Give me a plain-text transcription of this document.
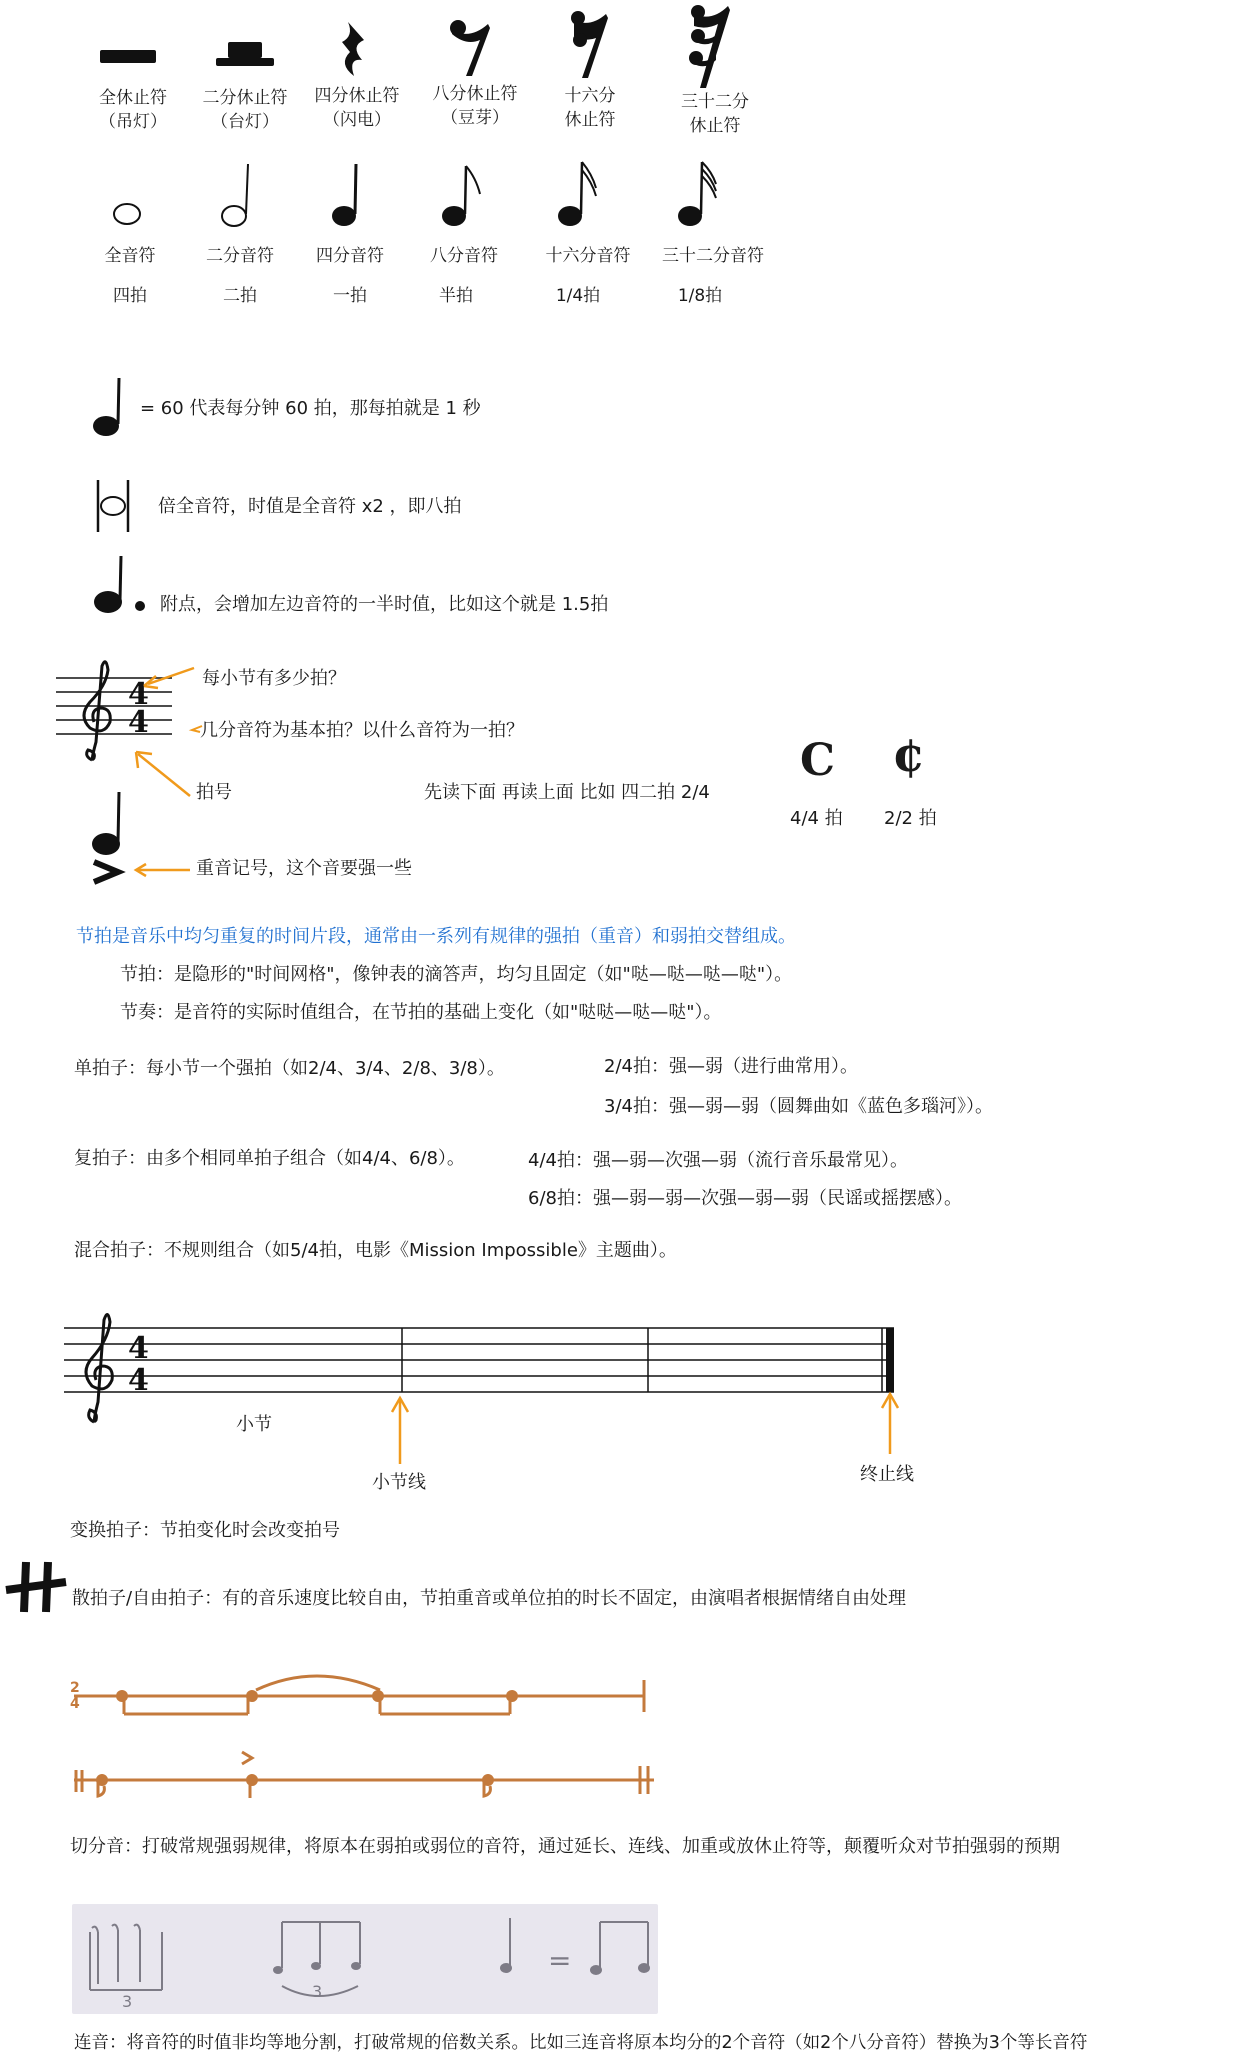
全休止符
（吊灯）
二分休止符
（台灯）
四分休止符
（闪电）
八分休止符
（豆芽）
十六分
休止符
三十二分
休止符
全音符	二分音符	四分音符	八分音符	十六分音符	三十二分音符
四拍	二拍	一拍	半拍	1/4拍	1/8拍
= 60 代表每分钟 60 拍，那每拍就是 1 秒
倍全音符，时值是全音符 x2 ，即八拍
附点，会增加左边音符的一半时值，比如这个就是 1.5拍
4
4
每小节有多少拍？
几分音符为基本拍？以什么音符为一拍？
拍号	先读下面 再读上面 比如 四二拍 2/4
C ¢
4/4 拍 2/2 拍
重音记号，这个音要强一些
节拍是音乐中均匀重复的时间片段，通常由一系列有规律的强拍（重音）和弱拍交替组成。
节拍：是隐形的"时间网格"，像钟表的滴答声，均匀且固定（如"哒—哒—哒—哒"）。
节奏：是音符的实际时值组合，在节拍的基础上变化（如"哒哒—哒—哒"）。
单拍子：每小节一个强拍（如2/4、3/4、2/8、3/8）。	2/4拍：强—弱（进行曲常用）。
3/4拍：强—弱—弱（圆舞曲如《蓝色多瑙河》）。
复拍子：由多个相同单拍子组合（如4/4、6/8）。	4/4拍：强—弱—次强—弱（流行音乐最常见）。
6/8拍：强—弱—弱—次强—弱—弱（民谣或摇摆感）。
混合拍子：不规则组合（如5/4拍，电影《Mission Impossible》主题曲）。
4
4
小节
小节线	终止线
变换拍子：节拍变化时会改变拍号
散拍子/自由拍子：有的音乐速度比较自由，节拍重音或单位拍的时长不固定，由演唱者根据情绪自由处理
2
4
切分音：打破常规强弱规律，将原本在弱拍或弱位的音符，通过延长、连线、加重或放休止符等，颠覆听众对节拍强弱的预期
3
3
=
连音：将音符的时值非均等地分割，打破常规的倍数关系。比如三连音将原本均分的2个音符（如2个八分音符）替换为3个等长音符
